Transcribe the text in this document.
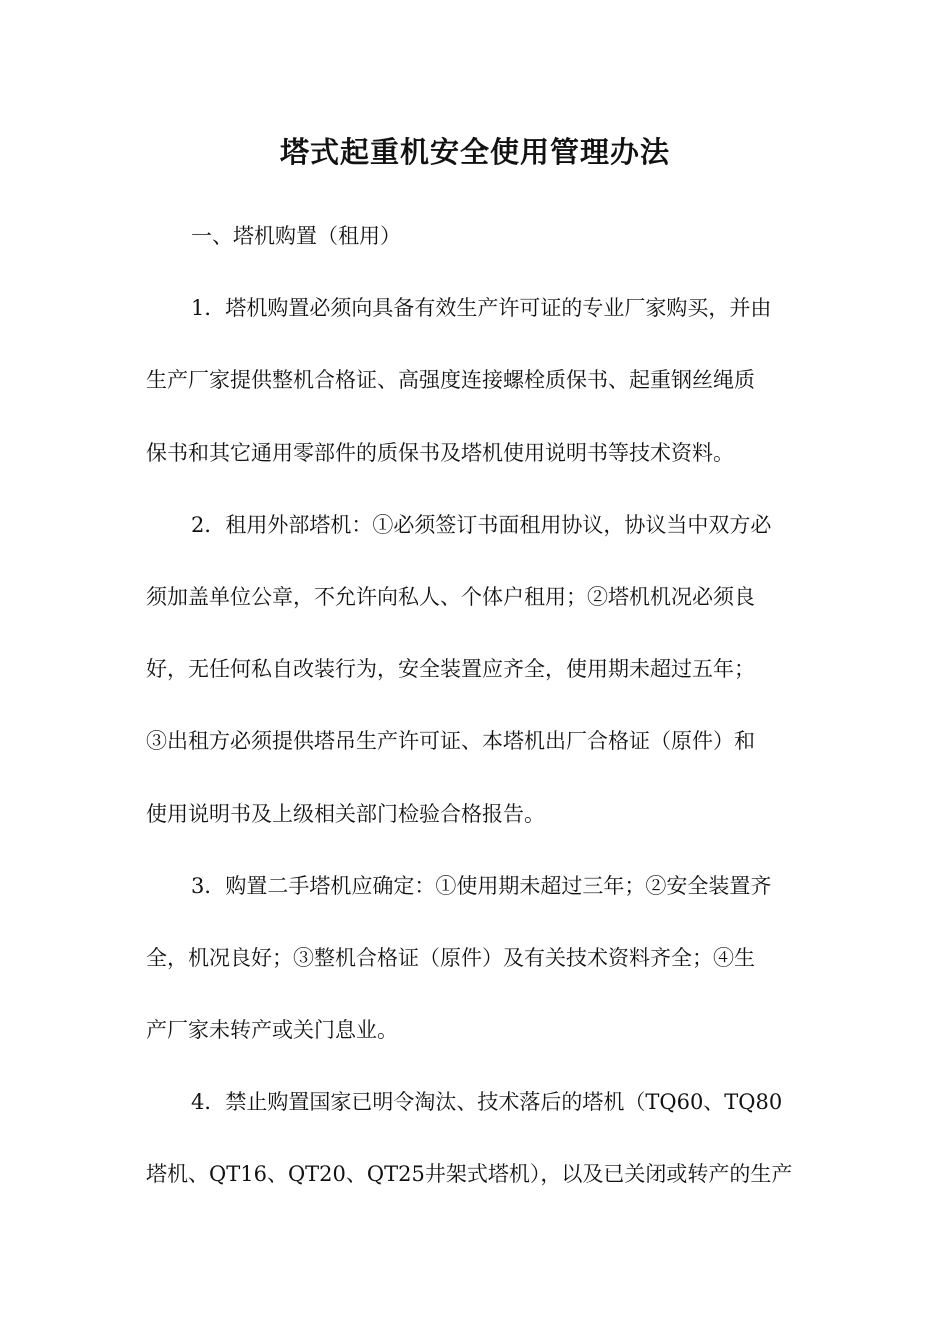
塔式起重机安全使用管理办法
一、塔机购置（租用）
1．塔机购置必须向具备有效生产许可证的专业厂家购买，并由
生产厂家提供整机合格证、高强度连接螺栓质保书、起重钢丝绳质
保书和其它通用零部件的质保书及塔机使用说明书等技术资料。
2．租用外部塔机：①必须签订书面租用协议，协议当中双方必
须加盖单位公章，不允许向私人、个体户租用；②塔机机况必须良
好，无任何私自改装行为，安全装置应齐全，使用期未超过五年；
③出租方必须提供塔吊生产许可证、本塔机出厂合格证（原件）和
使用说明书及上级相关部门检验合格报告。
3．购置二手塔机应确定：①使用期未超过三年；②安全装置齐
全，机况良好；③整机合格证（原件）及有关技术资料齐全；④生
产厂家未转产或关门息业。
4．禁止购置国家已明令淘汰、技术落后的塔机（TQ60、TQ80
塔机、QT16、QT20、QT25井架式塔机），以及已关闭或转产的生产
